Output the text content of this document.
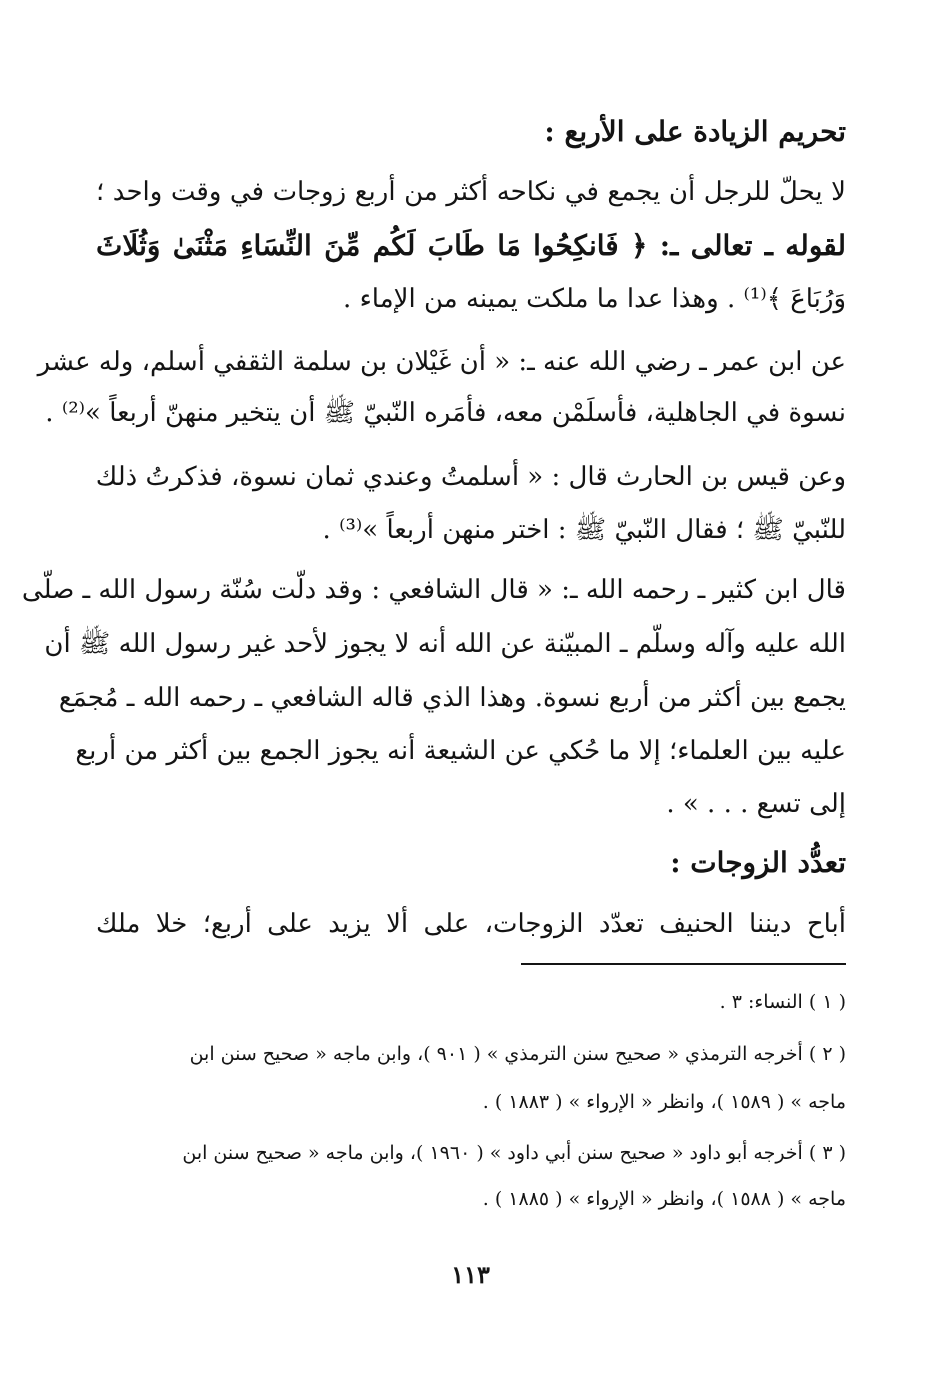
تحريم الزيادة على الأربع :
لا يحلّ للرجل أن يجمع في نكاحه أكثر من أربع زوجات في وقت واحد ؛
لقوله ـ تعالى ـ: ﴿ فَانكِحُوا مَا طَابَ لَكُم مِّنَ النِّسَاءِ مَثْنَىٰ وَثُلَاثَ
وَرُبَاعَ ﴾⁽¹⁾ . وهذا عدا ما ملكت يمينه من الإماء .
عن ابن عمر ـ رضي الله عنه ـ: « أن غَيْلان بن سلمة الثقفي أسلم، وله عشر
نسوة في الجاهلية، فأسلَمْن معه، فأمَره النّبيّ ﷺ أن يتخير منهنّ أربعاً »⁽²⁾ .
وعن قيس بن الحارث قال : « أسلمتُ وعندي ثمان نسوة، فذكرتُ ذلك
للنّبيّ ﷺ ؛ فقال النّبيّ ﷺ : اختر منهن أربعاً »⁽³⁾ .
قال ابن كثير ـ رحمه الله ـ: « قال الشافعي : وقد دلّت سُنّة رسول الله ـ صلّى
الله عليه وآله وسلّم ـ المبيّنة عن الله أنه لا يجوز لأحد غير رسول الله ﷺ أن
يجمع بين أكثر من أربع نسوة. وهذا الذي قاله الشافعي ـ رحمه الله ـ مُجمَع
عليه بين العلماء؛ إلا ما حُكي عن الشيعة أنه يجوز الجمع بين أكثر من أربع
إلى تسع . . . » .
تعدُّد الزوجات :
أباح ديننا الحنيف تعدّد الزوجات، على ألا يزيد على أربع؛ خلا ملك
( ١ ) النساء: ٣ .
( ٢ ) أخرجه الترمذي « صحيح سنن الترمذي » ( ٩٠١ )، وابن ماجه « صحيح سنن ابن
ماجه » ( ١٥٨٩ )، وانظر « الإرواء » ( ١٨٨٣ ) .
( ٣ ) أخرجه أبو داود « صحيح سنن أبي داود » ( ١٩٦٠ )، وابن ماجه « صحيح سنن ابن
ماجه » ( ١٥٨٨ )، وانظر « الإرواء » ( ١٨٨٥ ) .
١١٣
